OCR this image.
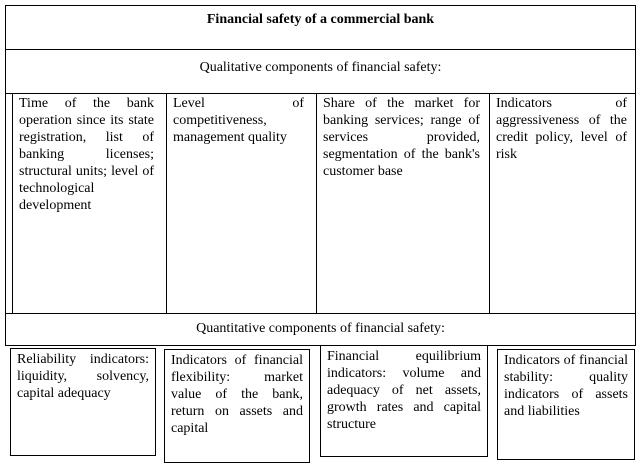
Financial safety of a commercial bank
Qualitative components of financial safety:
Time of the bank operation since its state registration, list of banking licenses; structural units; level of technological development
Level of competitiveness, management quality
Share of the market for banking services; range of services provided, segmentation of the bank's customer base
Indicators of aggressiveness of the credit policy, level of risk
Quantitative components of financial safety:
Reliability indicators: liquidity, solvency, capital adequacy
Indicators of financial flexibility: market value of the bank, return on assets and capital
Financial equilibrium indicators: volume and adequacy of net assets, growth rates and capital structure
Indicators of financial stability: quality indicators of assets and liabilities
